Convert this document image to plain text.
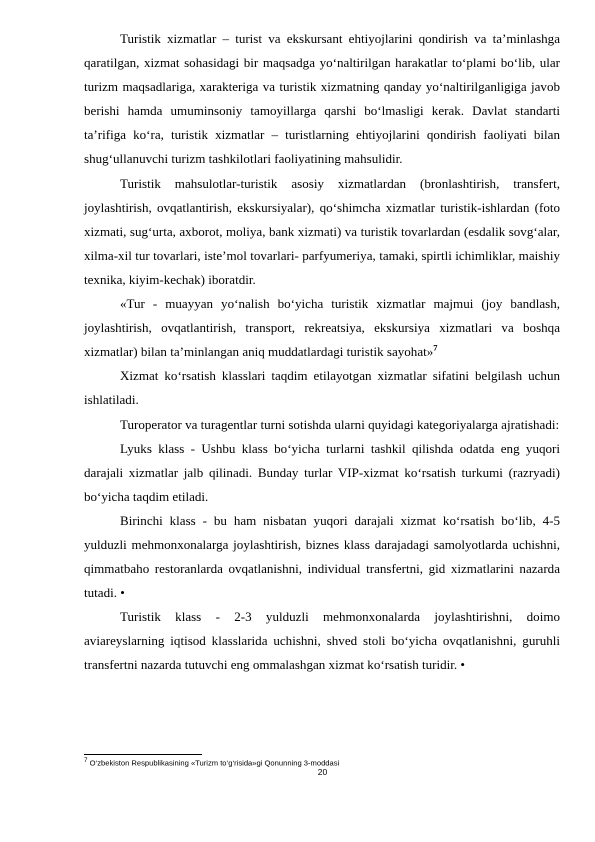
Turistik xizmatlar – turist va ekskursant ehtiyojlarini qondirish va ta’minlashga qaratilgan, xizmat sohasidagi bir maqsadga yo‘naltirilgan harakatlar to‘plami bo‘lib, ular turizm maqsadlariga, xarakteriga va turistik xizmatning qanday yo‘naltirilganligiga javob berishi hamda umuminsoniy tamoyillarga qarshi bo‘lmasligi kerak. Davlat standarti ta’rifiga ko‘ra, turistik xizmatlar – turistlarning ehtiyojlarini qondirish faoliyati bilan shug‘ullanuvchi turizm tashkilotlari faoliyatining mahsulidir.

Turistik mahsulotlar-turistik asosiy xizmatlardan (bronlashtirish, transfert, joylashtirish, ovqatlantirish, ekskursiyalar), qo‘shimcha xizmatlar turistik-ishlardan (foto xizmati, sug‘urta, axborot, moliya, bank xizmati) va turistik tovarlardan (esdalik sovg‘alar, xilma-xil tur tovarlari, iste’mol tovarlari- parfyumeriya, tamaki, spirtli ichimliklar, maishiy texnika, kiyim-kechak) iboratdir.

«Tur - muayyan yo‘nalish bo‘yicha turistik xizmatlar majmui (joy bandlash, joylashtirish, ovqatlantirish, transport, rekreatsiya, ekskursiya xizmatlari va boshqa xizmatlar) bilan ta’minlangan aniq muddatlardagi turistik sayohat»$^7$

Xizmat ko‘rsatish klasslari taqdim etilayotgan xizmatlar sifatini belgilash uchun ishlatiladi.

Turoperator va turagentlar turni sotishda ularni quyidagi kategoriyalarga ajratishadi:

Lyuks klass - Ushbu klass bo‘yicha turlarni tashkil qilishda odatda eng yuqori darajali xizmatlar jalb qilinadi. Bunday turlar VIP-xizmat ko‘rsatish turkumi (razryadi) bo‘yicha taqdim etiladi.

Birinchi klass - bu ham nisbatan yuqori darajali xizmat ko‘rsatish bo‘lib, 4-5 yulduzli mehmonxonalarga joylashtirish, biznes klass darajadagi samolyotlarda uchishni, qimmatbaho restoranlarda ovqatlanishni, individual transfertni, gid xizmatlarini nazarda tutadi. •

Turistik klass - 2-3 yulduzli mehmonxonalarda joylashtirishni, doimo aviareyslarning iqtisod klasslarida uchishni, shved stoli bo‘yicha ovqatlanishni, guruhli transfertni nazarda tutuvchi eng ommalashgan xizmat ko‘rsatish turidir. •

$^7$ O‘zbekiston Respublikasining «Turizm to‘g‘risida»gi Qonunning 3-moddasi
20
